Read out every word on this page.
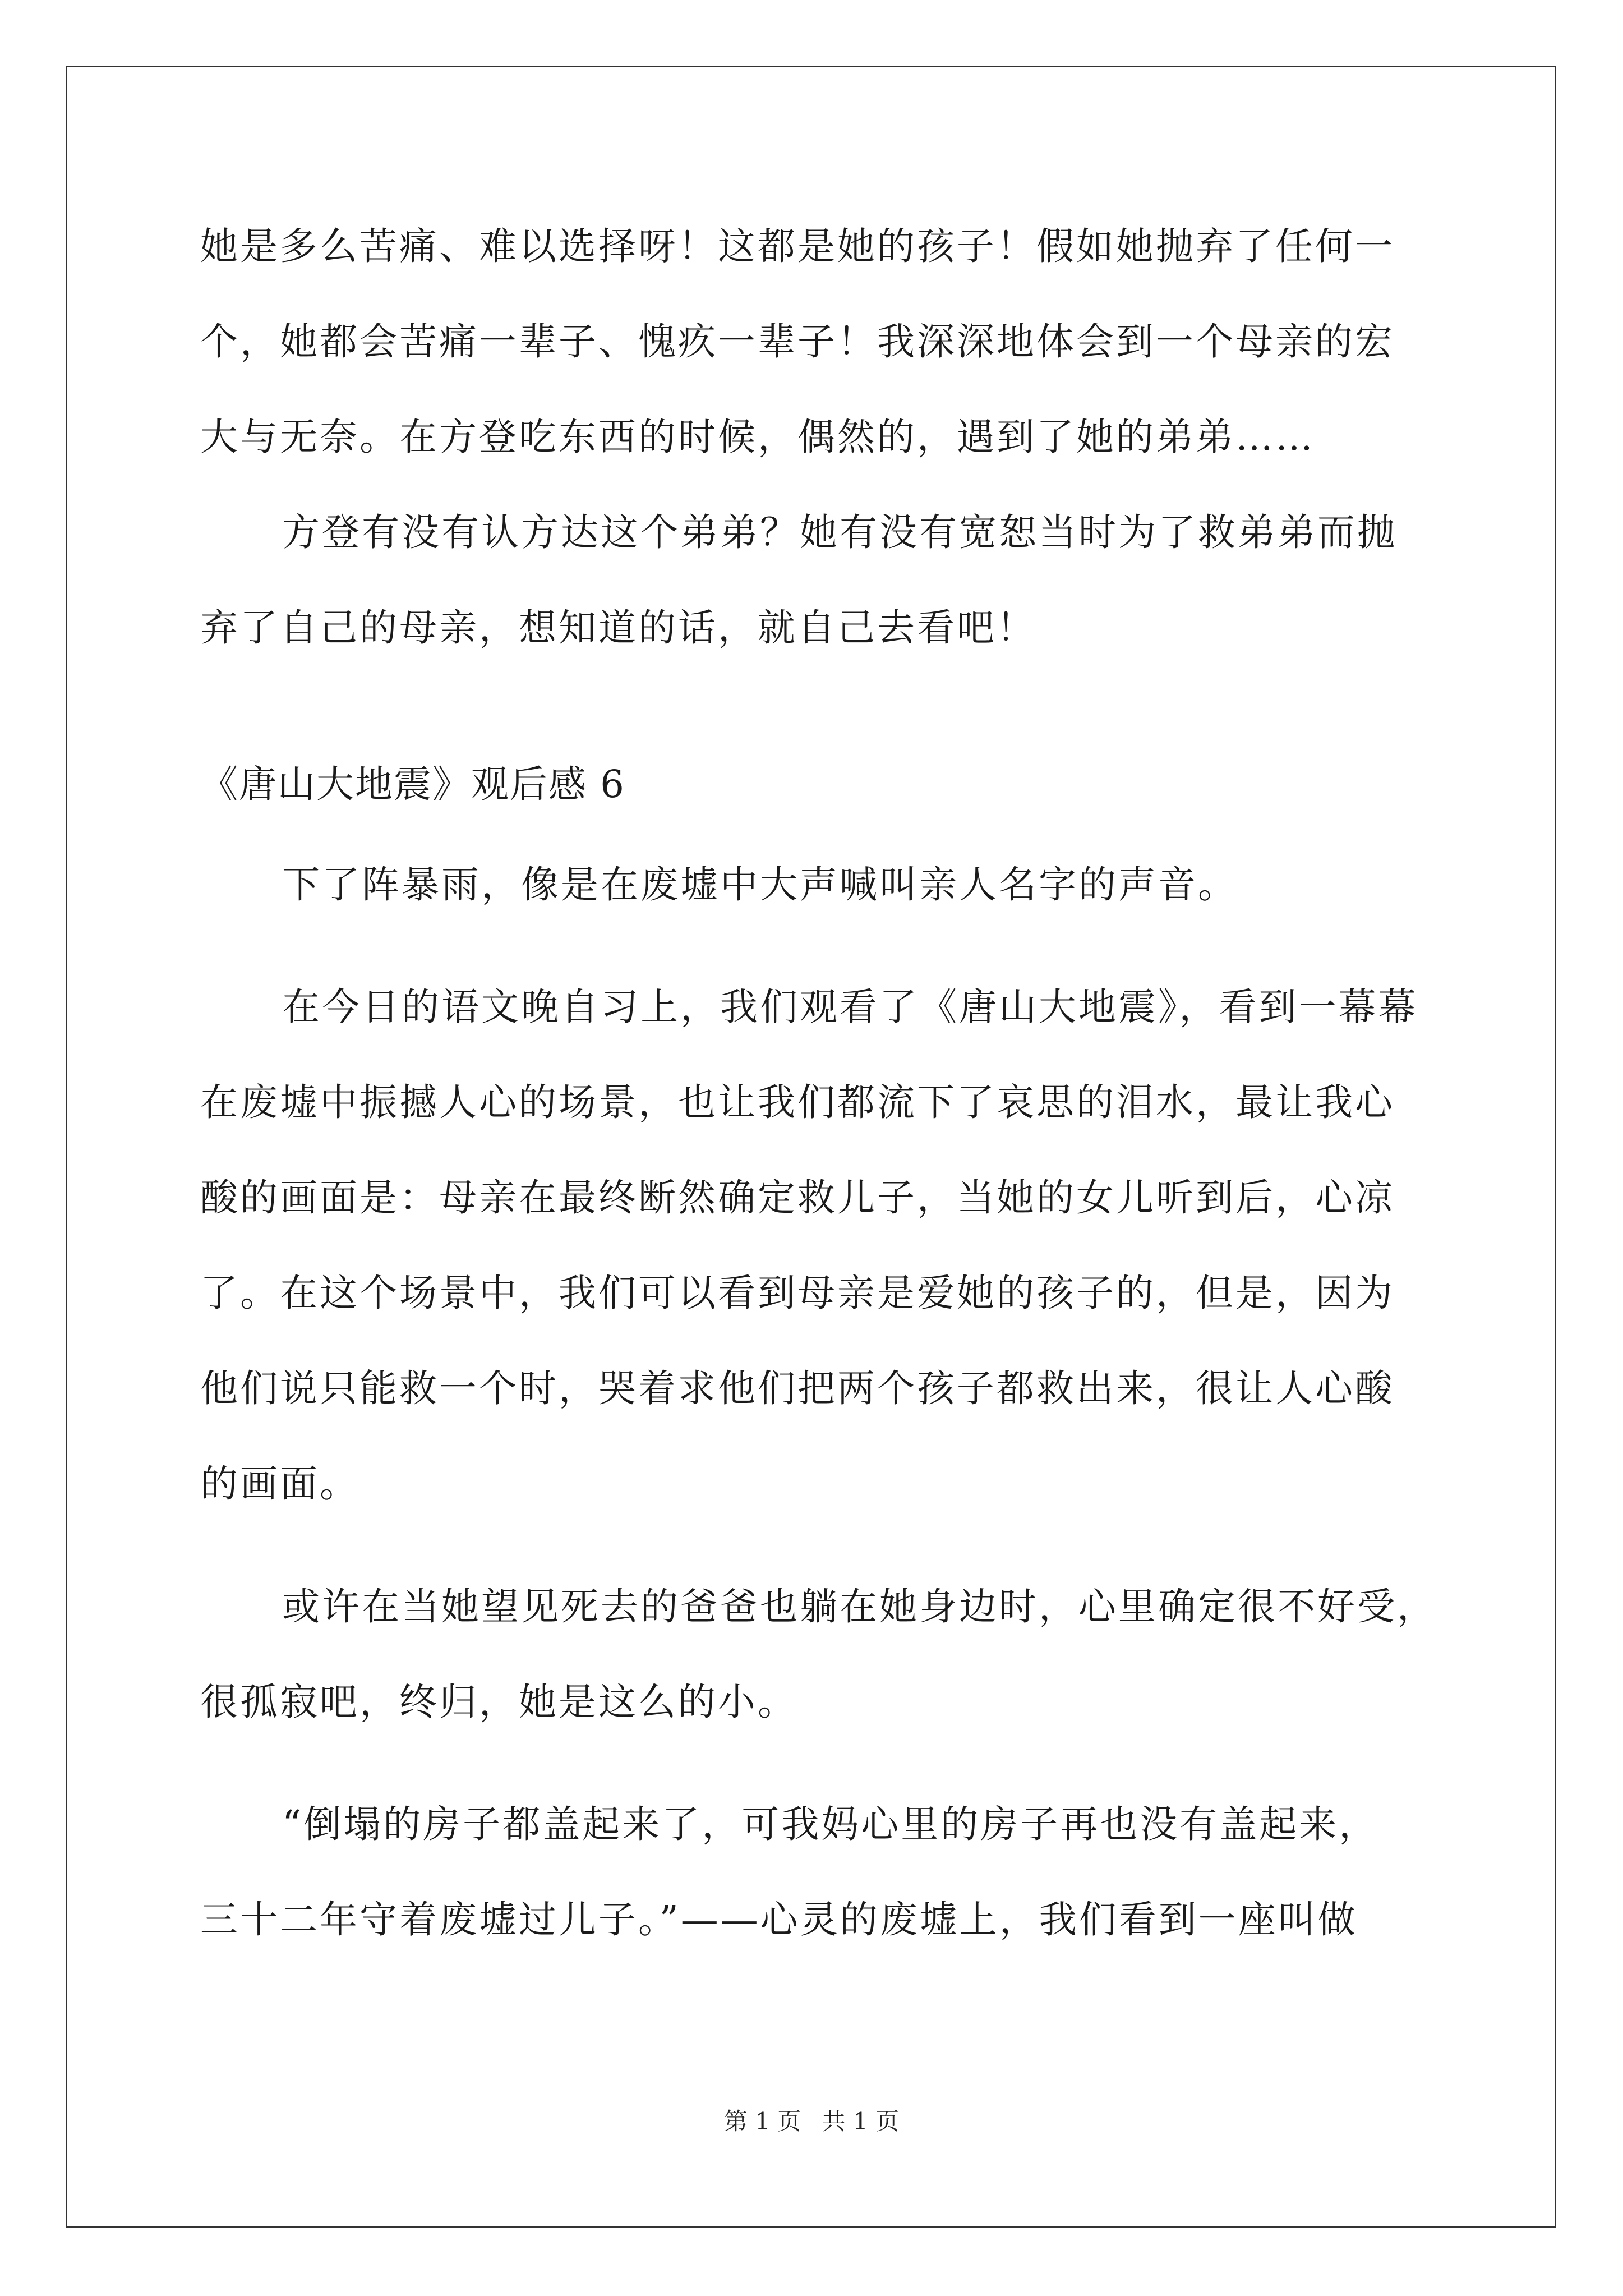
她是多么苦痛、难以选择呀！这都是她的孩子！假如她抛弃了任何一
个，她都会苦痛一辈子、愧疚一辈子！我深深地体会到一个母亲的宏
大与无奈。在方登吃东西的时候，偶然的，遇到了她的弟弟……
方登有没有认方达这个弟弟？她有没有宽恕当时为了救弟弟而抛
弃了自己的母亲，想知道的话，就自己去看吧！
《唐山大地震》观后感 6
下了阵暴雨，像是在废墟中大声喊叫亲人名字的声音。
在今日的语文晚自习上，我们观看了《唐山大地震》，看到一幕幕
在废墟中振撼人心的场景，也让我们都流下了哀思的泪水，最让我心
酸的画面是：母亲在最终断然确定救儿子，当她的女儿听到后，心凉
了。在这个场景中，我们可以看到母亲是爱她的孩子的，但是，因为
他们说只能救一个时，哭着求他们把两个孩子都救出来，很让人心酸
的画面。
或许在当她望见死去的爸爸也躺在她身边时，心里确定很不好受，
很孤寂吧，终归，她是这么的小。
“倒塌的房子都盖起来了，可我妈心里的房子再也没有盖起来，
三十二年守着废墟过儿子。”——心灵的废墟上，我们看到一座叫做
第 1 页 共 1 页
